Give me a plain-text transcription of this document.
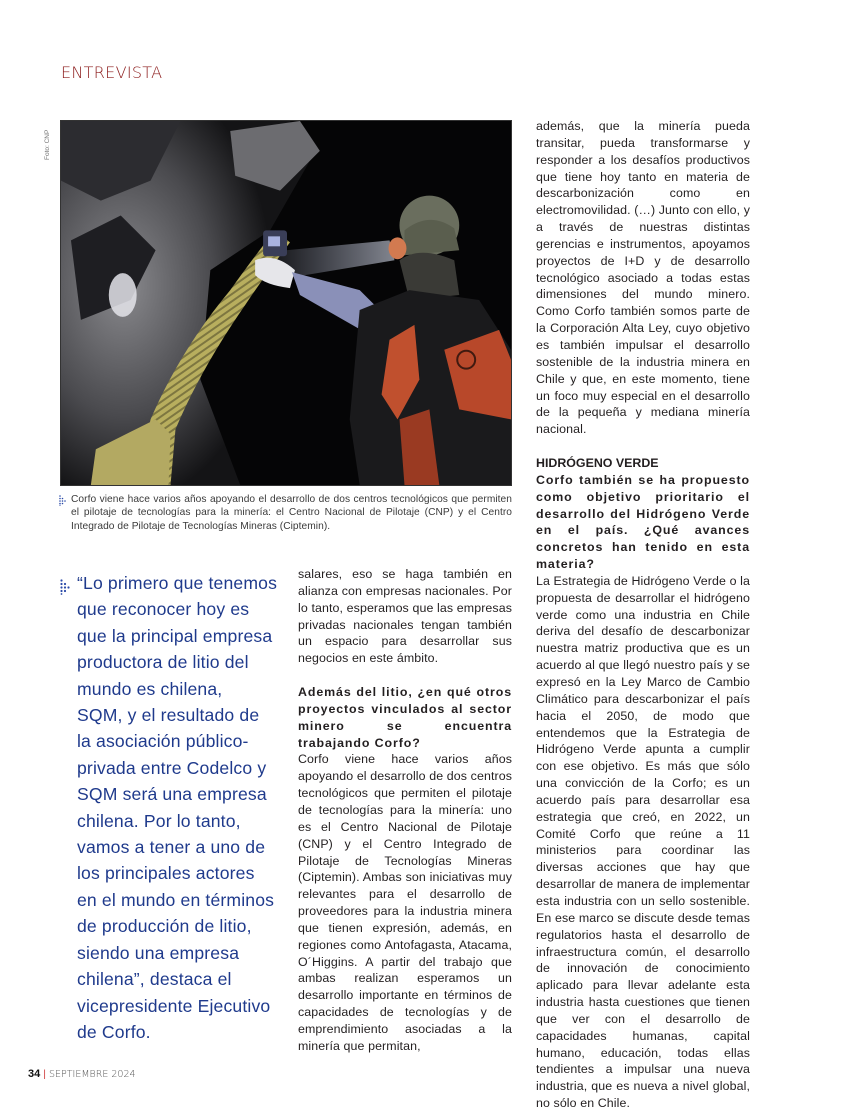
ENTREVISTA
Foto: CNP
Corfo viene hace varios años apoyando el desarrollo de dos centros tecnológicos que permiten el pilotaje de tecnologías para la minería: el Centro Nacional de Pilotaje (CNP) y el Centro Integrado de Pilotaje de Tecnologías Mineras (Ciptemin).
“Lo primero que tenemos
que reconocer hoy es
que la principal empresa
productora de litio del
mundo es chilena,
SQM, y el resultado de
la asociación público-
privada entre Codelco y
SQM será una empresa
chilena. Por lo tanto,
vamos a tener a uno de
los principales actores
en el mundo en términos
de producción de litio,
siendo una empresa
chilena”, destaca el
vicepresidente Ejecutivo
de Corfo.

salares, eso se haga también en alianza con empresas nacionales. Por lo tanto, esperamos que las empresas privadas nacionales tengan también un espacio para desarrollar sus negocios en este ámbito.

Además del litio, ¿en qué otros proyectos vinculados al sector minero se encuentra trabajando Corfo?

Corfo viene hace varios años apoyando el desarrollo de dos centros tecnológicos que permiten el pilotaje de tecnologías para la minería: uno es el Centro Nacional de Pilotaje (CNP) y el Centro Integrado de Pilotaje de Tecnologías Mineras (Ciptemin). Ambas son iniciativas muy relevantes para el desarrollo de proveedores para la industria minera que tienen expresión, además, en regiones como Antofagasta, Atacama, O´Higgins. A partir del trabajo que ambas realizan esperamos un desarrollo importante en términos de capacidades de tecnologías y de emprendimiento asociadas a la minería que permitan,

además, que la minería pueda transitar, pueda transformarse y responder a los desafíos productivos que tiene hoy tanto en materia de descarbonización como en electromovilidad. (…) Junto con ello, y a través de nuestras distintas gerencias e instrumentos, apoyamos proyectos de I+D y de desarrollo tecnológico asociado a todas estas dimensiones del mundo minero. Como Corfo también somos parte de la Corporación Alta Ley, cuyo objetivo es también impulsar el desarrollo sostenible de la industria minera en Chile y que, en este momento, tiene un foco muy especial en el desarrollo de la pequeña y mediana minería nacional.

HIDRÓGENO VERDE

Corfo también se ha propuesto como objetivo prioritario el desarrollo del Hidrógeno Verde en el país. ¿Qué avances concretos han tenido en esta materia?

La Estrategia de Hidrógeno Verde o la propuesta de desarrollar el hidrógeno verde como una industria en Chile deriva del desafío de descarbonizar nuestra matriz productiva que es un acuerdo al que llegó nuestro país y se expresó en la Ley Marco de Cambio Climático para descarbonizar el país hacia el 2050, de modo que entendemos que la Estrategia de Hidrógeno Verde apunta a cumplir con ese objetivo. Es más que sólo una convicción de la Corfo; es un acuerdo país para desarrollar esa estrategia que creó, en 2022, un Comité Corfo que reúne a 11 ministerios para coordinar las diversas acciones que hay que desarrollar de manera de implementar esta industria con un sello sostenible. En ese marco se discute desde temas regulatorios hasta el desarrollo de infraestructura común, el desarrollo de innovación de conocimiento aplicado para llevar adelante esta industria hasta cuestiones que tienen que ver con el desarrollo de capacidades humanas, capital humano, educación, todas ellas tendientes a impulsar una nueva industria, que es nueva a nivel global, no sólo en Chile.

34 | SEPTIEMBRE 2024
